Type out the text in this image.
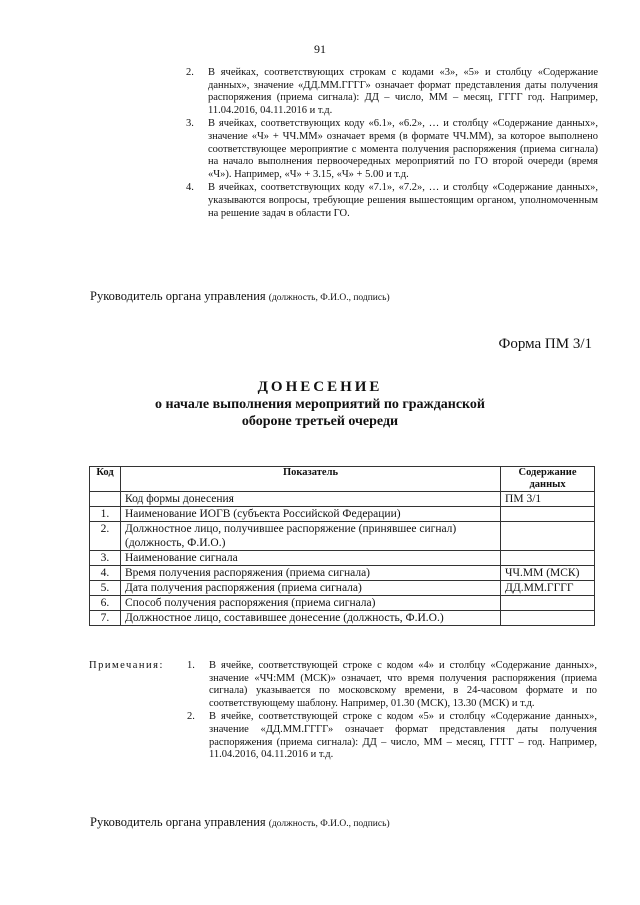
91
2.	В ячейках, соответствующих строкам с кодами «3», «5» и столбцу «Содержание данных», значение «ДД.ММ.ГГГГ» означает формат представления даты получения распоряжения (приема сигнала): ДД – число, ММ – месяц, ГГГГ год. Например, 11.04.2016, 04.11.2016 и т.д.
3.	В ячейках, соответствующих коду «6.1», «6.2», … и столбцу «Содержание данных», значение «Ч» + ЧЧ.ММ» означает время (в формате ЧЧ.ММ), за которое выполнено соответствующее мероприятие с момента получения распоряжения (приема сигнала) на начало выполнения первоочередных мероприятий по ГО второй очереди (время «Ч»). Например, «Ч» + 3.15, «Ч» + 5.00 и т.д.
4.	В ячейках, соответствующих коду «7.1», «7.2», … и столбцу «Содержание данных», указываются вопросы, требующие решения вышестоящим органом, уполномоченным на решение задач в области ГО.
Руководитель органа управления (должность, Ф.И.О., подпись)
Форма ПМ 3/1
ДОНЕСЕНИЕ
о начале выполнения мероприятий по гражданской
обороне третьей очереди
Код	Показатель	Содержание данных
	Код формы донесения	ПМ 3/1
1.	Наименование ИОГВ (субъекта Российской Федерации)	
2.	Должностное лицо, получившее распоряжение (принявшее сигнал) (должность, Ф.И.О.)	
3.	Наименование сигнала	
4.	Время получения распоряжения (приема сигнала)	ЧЧ.ММ (МСК)
5.	Дата получения распоряжения (приема сигнала)	ДД.ММ.ГГГГ
6.	Способ получения распоряжения (приема сигнала)	
7.	Должностное лицо, составившее донесение (должность, Ф.И.О.)	
Примечания:	1.	В ячейке, соответствующей строке с кодом «4» и столбцу «Содержание данных», значение «ЧЧ:ММ (МСК)» означает, что время получения распоряжения (приема сигнала) указывается по московскому времени, в 24-часовом формате и по соответствующему шаблону. Например, 01.30 (МСК), 13.30 (МСК) и т.д.
2.	В ячейке, соответствующей строке с кодом «5» и столбцу «Содержание данных», значение «ДД.ММ.ГГГГ» означает формат представления даты получения распоряжения (приема сигнала): ДД – число, ММ – месяц, ГГГГ – год. Например, 11.04.2016, 04.11.2016 и т.д.
Руководитель органа управления (должность, Ф.И.О., подпись)
